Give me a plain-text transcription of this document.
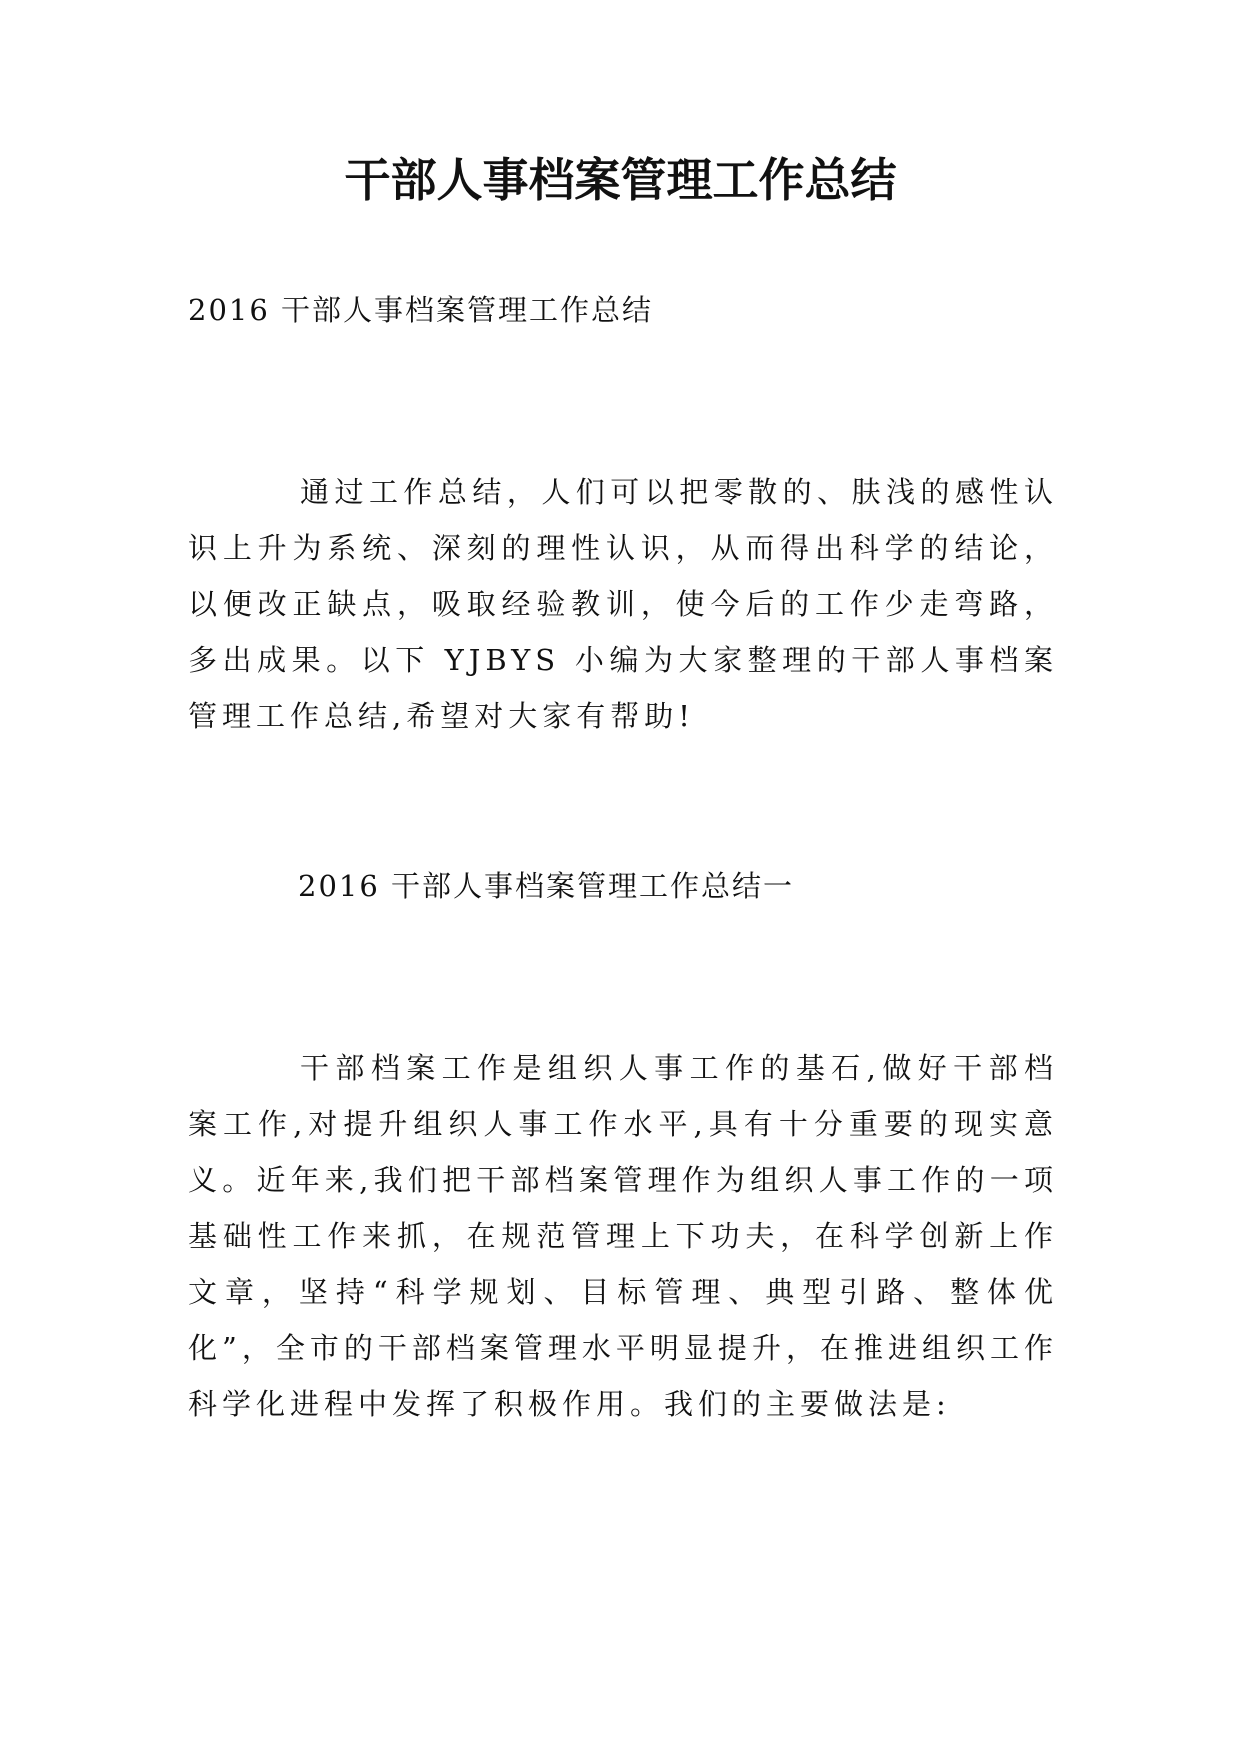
干部人事档案管理工作总结

2016 干部人事档案管理工作总结

通过工作总结，人们可以把零散的、肤浅的感性认识上升为系统、深刻的理性认识，从而得出科学的结论，以便改正缺点，吸取经验教训，使今后的工作少走弯路，多出成果。以下 YJBYS 小编为大家整理的干部人事档案管理工作总结,希望对大家有帮助!

2016 干部人事档案管理工作总结一

干部档案工作是组织人事工作的基石,做好干部档案工作,对提升组织人事工作水平,具有十分重要的现实意义。近年来,我们把干部档案管理作为组织人事工作的一项基础性工作来抓，在规范管理上下功夫，在科学创新上作文章，坚持“科学规划、目标管理、典型引路、整体优化”，全市的干部档案管理水平明显提升，在推进组织工作科学化进程中发挥了积极作用。我们的主要做法是:
